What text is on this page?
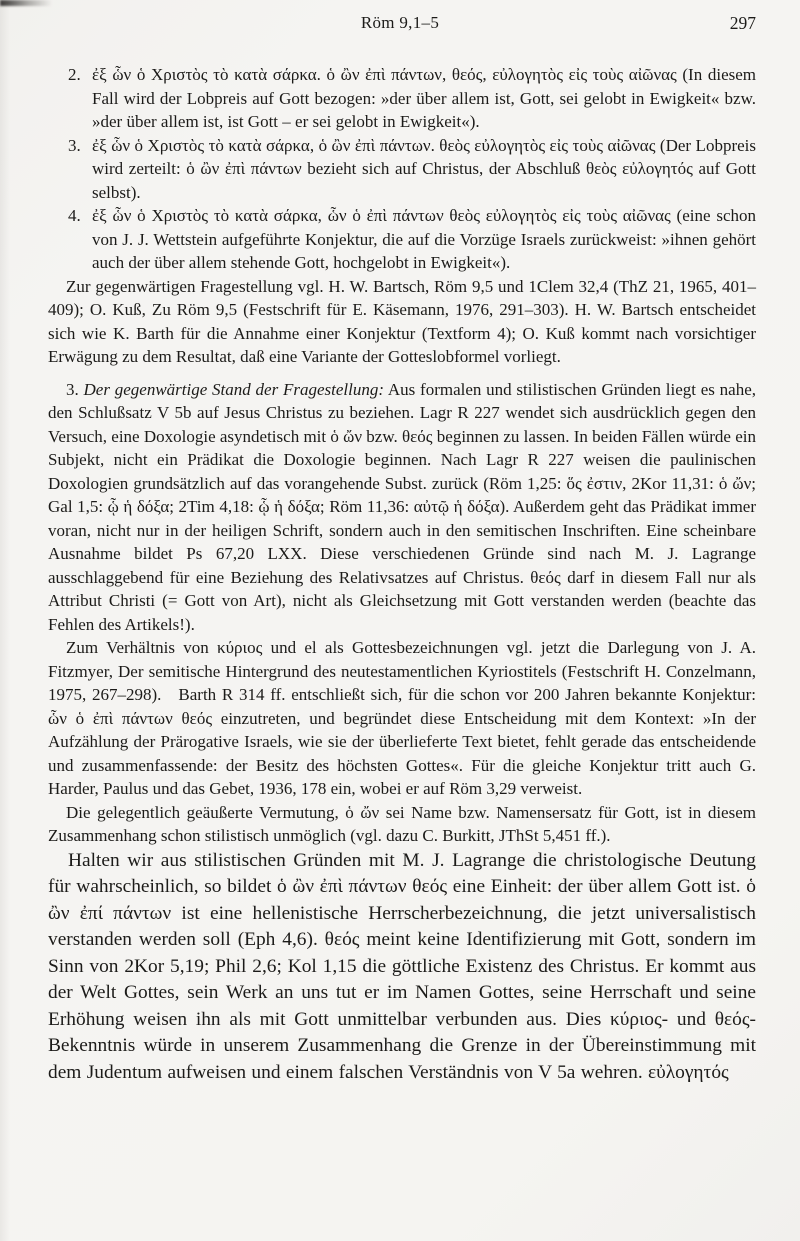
Röm 9,1–5	297
2. ἐξ ὧν ὁ Χριστὸς τὸ κατὰ σάρκα. ὁ ὢν ἐπὶ πάντων, θεός, εὐλογητὸς εἰς τοὺς αἰῶνας (In diesem Fall wird der Lobpreis auf Gott bezogen: »der über allem ist, Gott, sei gelobt in Ewigkeit« bzw. »der über allem ist, ist Gott – er sei gelobt in Ewigkeit«).
3. ἐξ ὧν ὁ Χριστὸς τὸ κατὰ σάρκα, ὁ ὢν ἐπὶ πάντων. θεὸς εὐλογητὸς εἰς τοὺς αἰῶνας (Der Lobpreis wird zerteilt: ὁ ὢν ἐπὶ πάντων bezieht sich auf Christus, der Abschluß θεὸς εὐλογητός auf Gott selbst).
4. ἐξ ὧν ὁ Χριστὸς τὸ κατὰ σάρκα, ὧν ὁ ἐπὶ πάντων θεὸς εὐλογητὸς εἰς τοὺς αἰῶνας (eine schon von J. J. Wettstein aufgeführte Konjektur, die auf die Vorzüge Israels zurückweist: »ihnen gehört auch der über allem stehende Gott, hochgelobt in Ewigkeit«).

Zur gegenwärtigen Fragestellung vgl. H. W. Bartsch, Röm 9,5 und 1Clem 32,4 (ThZ 21, 1965, 401–409); O. Kuß, Zu Röm 9,5 (Festschrift für E. Käsemann, 1976, 291–303). H. W. Bartsch entscheidet sich wie K. Barth für die Annahme einer Konjektur (Textform 4); O. Kuß kommt nach vorsichtiger Erwägung zu dem Resultat, daß eine Variante der Gotteslobformel vorliegt.

3. Der gegenwärtige Stand der Fragestellung: Aus formalen und stilistischen Gründen liegt es nahe, den Schlußsatz V 5b auf Jesus Christus zu beziehen. Lagr R 227 wendet sich ausdrücklich gegen den Versuch, eine Doxologie asyndetisch mit ὁ ὤν bzw. θεός beginnen zu lassen. In beiden Fällen würde ein Subjekt, nicht ein Prädikat die Doxologie beginnen. Nach Lagr R 227 weisen die paulinischen Doxologien grundsätzlich auf das vorangehende Subst. zurück (Röm 1,25: ὅς ἐστιν, 2Kor 11,31: ὁ ὤν; Gal 1,5: ᾧ ἡ δόξα; 2Tim 4,18: ᾧ ἡ δόξα; Röm 11,36: αὐτῷ ἡ δόξα). Außerdem geht das Prädikat immer voran, nicht nur in der heiligen Schrift, sondern auch in den semitischen Inschriften. Eine scheinbare Ausnahme bildet Ps 67,20 LXX. Diese verschiedenen Gründe sind nach M. J. Lagrange ausschlaggebend für eine Beziehung des Relativsatzes auf Christus. θεός darf in diesem Fall nur als Attribut Christi (= Gott von Art), nicht als Gleichsetzung mit Gott verstanden werden (beachte das Fehlen des Artikels!).

Zum Verhältnis von κύριος und el als Gottesbezeichnungen vgl. jetzt die Darlegung von J. A. Fitzmyer, Der semitische Hintergrund des neutestamentlichen Kyriostitels (Festschrift H. Conzelmann, 1975, 267–298). Barth R 314 ff. entschließt sich, für die schon vor 200 Jahren bekannte Konjektur: ὧν ὁ ἐπὶ πάντων θεός einzutreten, und begründet diese Entscheidung mit dem Kontext: »In der Aufzählung der Prärogative Israels, wie sie der überlieferte Text bietet, fehlt gerade das entscheidende und zusammenfassende: der Besitz des höchsten Gottes«. Für die gleiche Konjektur tritt auch G. Harder, Paulus und das Gebet, 1936, 178 ein, wobei er auf Röm 3,29 verweist.

Die gelegentlich geäußerte Vermutung, ὁ ὤν sei Name bzw. Namensersatz für Gott, ist in diesem Zusammenhang schon stilistisch unmöglich (vgl. dazu C. Burkitt, JThSt 5,451 ff.).

Halten wir aus stilistischen Gründen mit M. J. Lagrange die christologische Deutung für wahrscheinlich, so bildet ὁ ὢν ἐπὶ πάντων θεός eine Einheit: der über allem Gott ist. ὁ ὢν ἐπί πάντων ist eine hellenistische Herrscherbezeichnung, die jetzt universalistisch verstanden werden soll (Eph 4,6). θεός meint keine Identifizierung mit Gott, sondern im Sinn von 2Kor 5,19; Phil 2,6; Kol 1,15 die göttliche Existenz des Christus. Er kommt aus der Welt Gottes, sein Werk an uns tut er im Namen Gottes, seine Herrschaft und seine Erhöhung weisen ihn als mit Gott unmittelbar verbunden aus. Dies κύριος- und θεός-Bekenntnis würde in unserem Zusammenhang die Grenze in der Übereinstimmung mit dem Judentum aufweisen und einem falschen Verständnis von V 5a wehren. εὐλογητός
